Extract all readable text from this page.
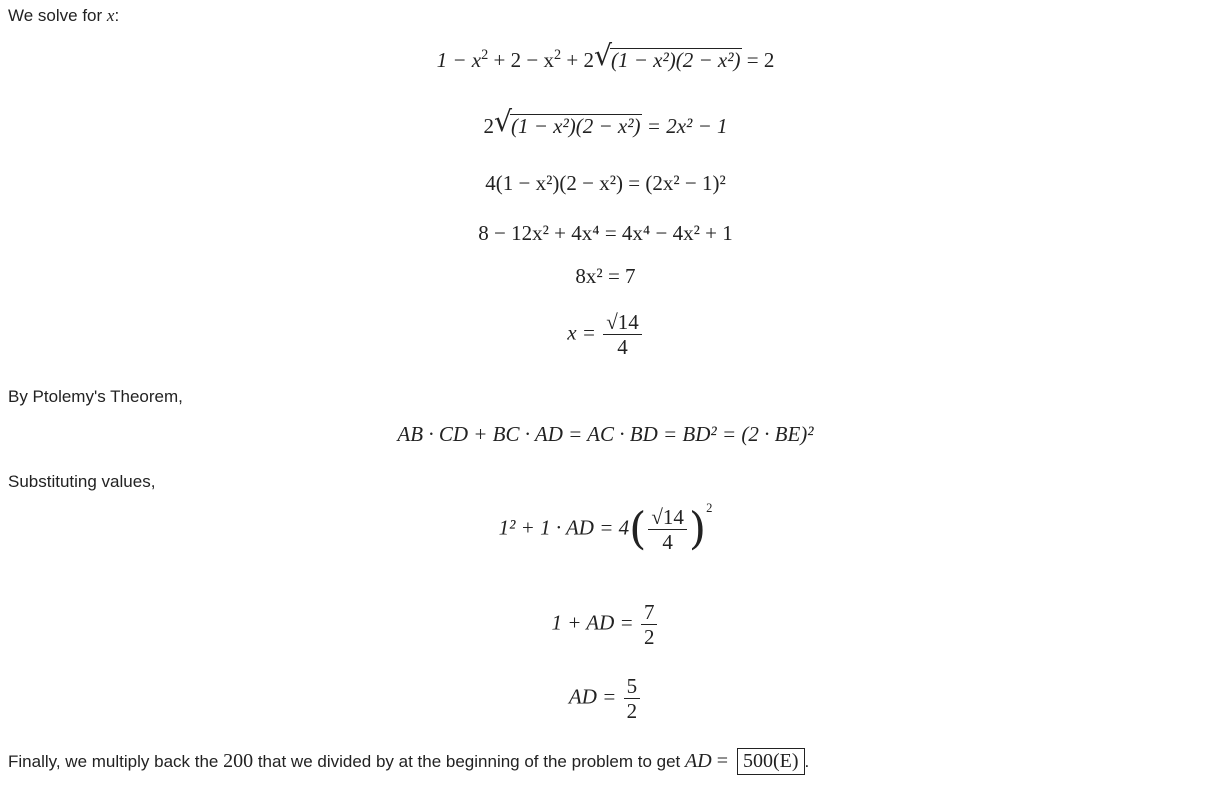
We solve for x:
$1 - x^2 + 2 - x^2 + 2$ √
(1 − x²)(2 − x²) = 2
2 √
(1 − x²)(2 − x²) = 2x² − 1
4(1 − x²)(2 − x²) = (2x² − 1)²
8 − 12x² + 4x⁴ = 4x⁴ − 4x² + 1
8x² = 7
$x = \frac{√14}{4}$
By Ptolemy's Theorem,
AB · CD + BC · AD = AC · BD = BD² = (2 · BE)²
Substituting values,
1² + 1 · AD = $4( \frac{√14}{4} )^2$
1 + AD = $\frac{7}{2}$
AD = $\frac{5}{2}$
Finally, we multiply back the 200 that we divided by at the beginning of the problem to get AD = 500(E) .
